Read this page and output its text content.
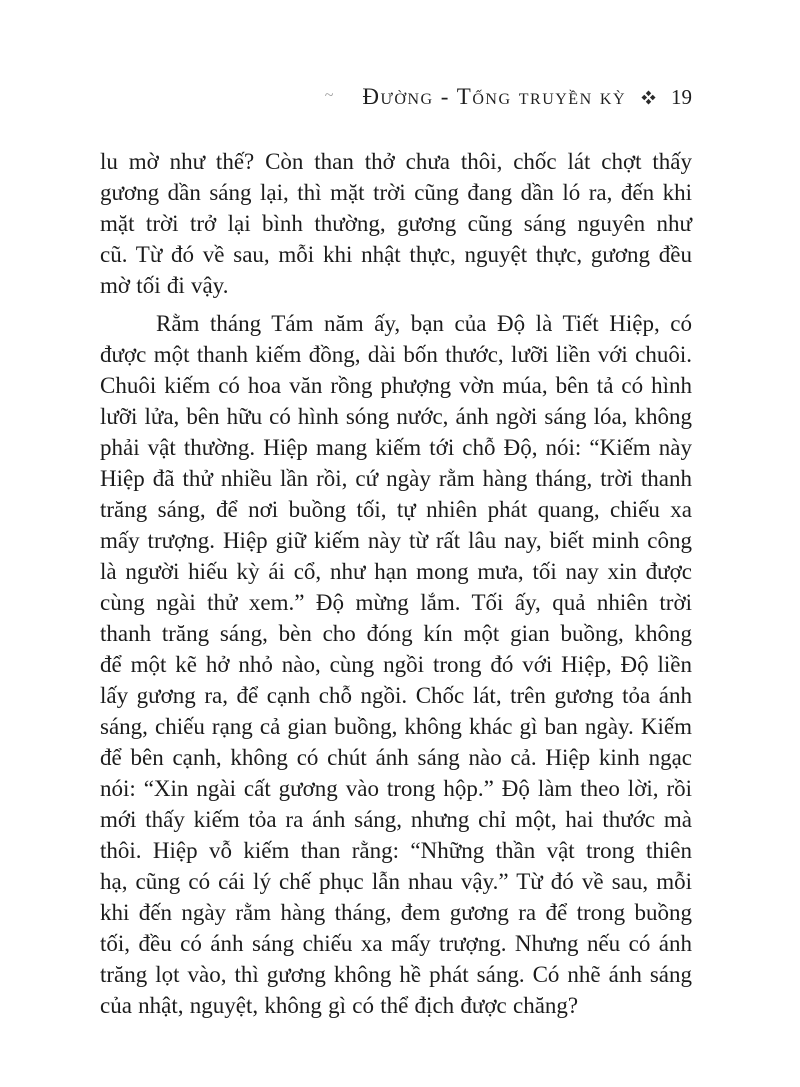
~ Đường - Tống truyền kỳ 19
lu mờ như thế? Còn than thở chưa thôi, chốc lát chợt thấy
gương dần sáng lại, thì mặt trời cũng đang dần ló ra, đến khi
mặt trời trở lại bình thường, gương cũng sáng nguyên như
cũ. Từ đó về sau, mỗi khi nhật thực, nguyệt thực, gương đều
mờ tối đi vậy.
Rằm tháng Tám năm ấy, bạn của Độ là Tiết Hiệp, có
được một thanh kiếm đồng, dài bốn thước, lưỡi liền với chuôi.
Chuôi kiếm có hoa văn rồng phượng vờn múa, bên tả có hình
lưỡi lửa, bên hữu có hình sóng nước, ánh ngời sáng lóa, không
phải vật thường. Hiệp mang kiếm tới chỗ Độ, nói: “Kiếm này
Hiệp đã thử nhiều lần rồi, cứ ngày rằm hàng tháng, trời thanh
trăng sáng, để nơi buồng tối, tự nhiên phát quang, chiếu xa
mấy trượng. Hiệp giữ kiếm này từ rất lâu nay, biết minh công
là người hiếu kỳ ái cổ, như hạn mong mưa, tối nay xin được
cùng ngài thử xem.” Độ mừng lắm. Tối ấy, quả nhiên trời
thanh trăng sáng, bèn cho đóng kín một gian buồng, không
để một kẽ hở nhỏ nào, cùng ngồi trong đó với Hiệp, Độ liền
lấy gương ra, để cạnh chỗ ngồi. Chốc lát, trên gương tỏa ánh
sáng, chiếu rạng cả gian buồng, không khác gì ban ngày. Kiếm
để bên cạnh, không có chút ánh sáng nào cả. Hiệp kinh ngạc
nói: “Xin ngài cất gương vào trong hộp.” Độ làm theo lời, rồi
mới thấy kiếm tỏa ra ánh sáng, nhưng chỉ một, hai thước mà
thôi. Hiệp vỗ kiếm than rằng: “Những thần vật trong thiên
hạ, cũng có cái lý chế phục lẫn nhau vậy.” Từ đó về sau, mỗi
khi đến ngày rằm hàng tháng, đem gương ra để trong buồng
tối, đều có ánh sáng chiếu xa mấy trượng. Nhưng nếu có ánh
trăng lọt vào, thì gương không hề phát sáng. Có nhẽ ánh sáng
của nhật, nguyệt, không gì có thể địch được chăng?
